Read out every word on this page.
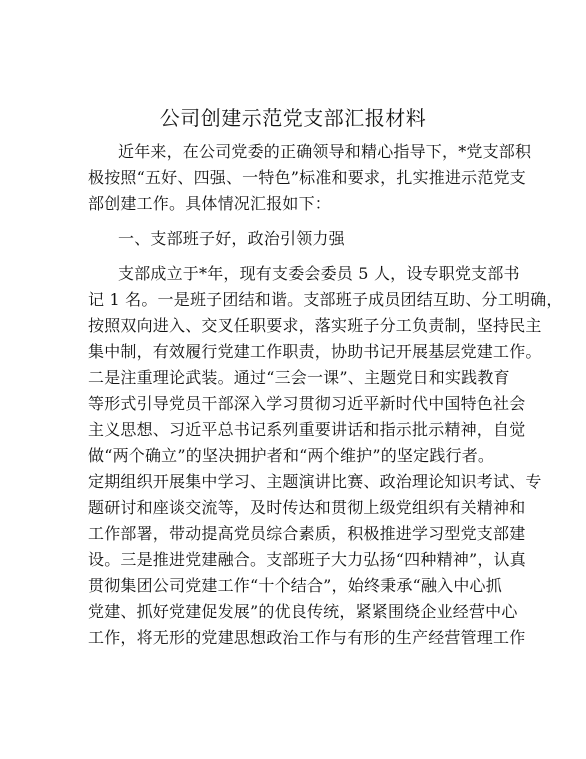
公司创建示范党支部汇报材料
近年来，在公司党委的正确领导和精心指导下，*党支部积
极按照“五好、四强、一特色”标准和要求，扎实推进示范党支
部创建工作。具体情况汇报如下：
一、支部班子好，政治引领力强
支部成立于*年，现有支委会委员 5 人，设专职党支部书
记 1 名。一是班子团结和谐。支部班子成员团结互助、分工明确，
按照双向进入、交叉任职要求，落实班子分工负责制，坚持民主
集中制，有效履行党建工作职责，协助书记开展基层党建工作。
二是注重理论武装。通过“三会一课”、主题党日和实践教育
等形式引导党员干部深入学习贯彻习近平新时代中国特色社会
主义思想、习近平总书记系列重要讲话和指示批示精神，自觉
做“两个确立”的坚决拥护者和“两个维护”的坚定践行者。
定期组织开展集中学习、主题演讲比赛、政治理论知识考试、专
题研讨和座谈交流等，及时传达和贯彻上级党组织有关精神和
工作部署，带动提高党员综合素质，积极推进学习型党支部建
设。三是推进党建融合。支部班子大力弘扬“四种精神”，认真
贯彻集团公司党建工作“十个结合”，始终秉承“融入中心抓
党建、抓好党建促发展”的优良传统，紧紧围绕企业经营中心
工作，将无形的党建思想政治工作与有形的生产经营管理工作
